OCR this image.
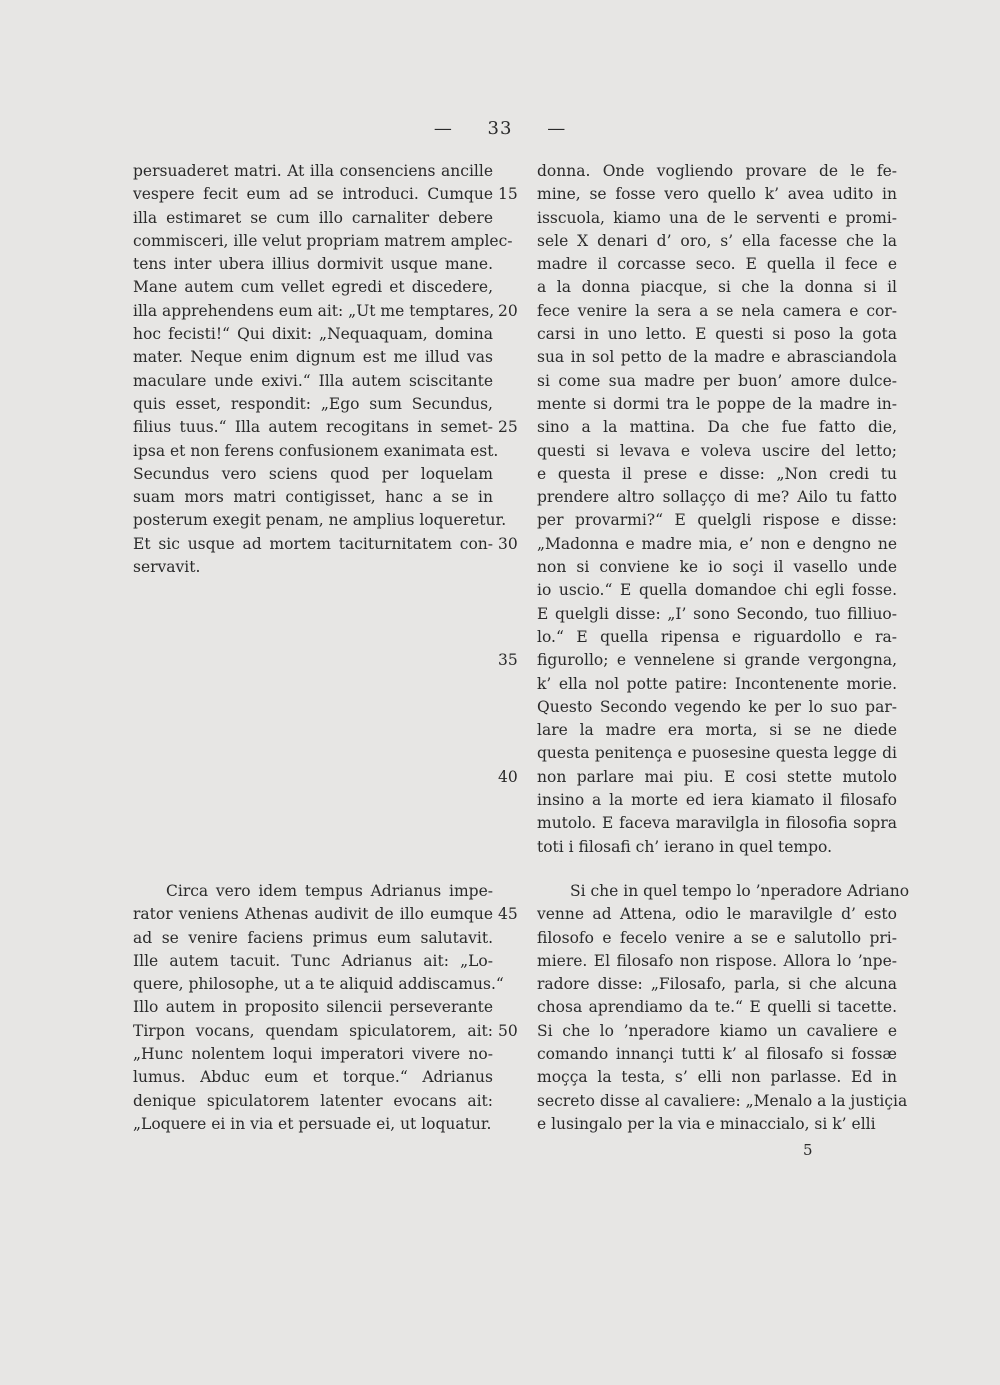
— 33 —
persuaderet matri. At illa consenciens ancille
vespere fecit eum ad se introduci. Cumque
illa estimaret se cum illo carnaliter debere
commisceri, ille velut propriam matrem amplec-
tens inter ubera illius dormivit usque mane.
Mane autem cum vellet egredi et discedere,
illa apprehendens eum ait: „Ut me temptares,
hoc fecisti!“ Qui dixit: „Nequaquam, domina
mater. Neque enim dignum est me illud vas
maculare unde exivi.“ Illa autem sciscitante
quis esset, respondit: „Ego sum Secundus,
filius tuus.“ Illa autem recogitans in semet-
ipsa et non ferens confusionem exanimata est.
Secundus vero sciens quod per loquelam
suam mors matri contigisset, hanc a se in
posterum exegit penam, ne amplius loqueretur.
Et sic usque ad mortem taciturnitatem con-
servavit.
Circa vero idem tempus Adrianus impe-
rator veniens Athenas audivit de illo eumque
ad se venire faciens primus eum salutavit.
Ille autem tacuit. Tunc Adrianus ait: „Lo-
quere, philosophe, ut a te aliquid addiscamus.“
Illo autem in proposito silencii perseverante
Tirpon vocans, quendam spiculatorem, ait:
„Hunc nolentem loqui imperatori vivere no-
lumus. Abduc eum et torque.“ Adrianus
denique spiculatorem latenter evocans ait:
„Loquere ei in via et persuade ei, ut loquatur.
donna. Onde vogliendo provare de le fe-
mine, se fosse vero quello k’ avea udito in
isscuola, kiamo una de le serventi e promi-
sele X denari d’ oro, s’ ella facesse che la
madre il corcasse seco. E quella il fece e
a la donna piacque, si che la donna si il
fece venire la sera a se nela camera e cor-
carsi in uno letto. E questi si poso la gota
sua in sol petto de la madre e abrasciandola
si come sua madre per buon’ amore dulce-
mente si dormi tra le poppe de la madre in-
sino a la mattina. Da che fue fatto die,
questi si levava e voleva uscire del letto;
e questa il prese e disse: „Non credi tu
prendere altro sollaçço di me? Ailo tu fatto
per provarmi?“ E quelgli rispose e disse:
„Madonna e madre mia, e’ non e dengno ne
non si conviene ke io soçi il vasello unde
io uscio.“ E quella domandoe chi egli fosse.
E quelgli disse: „I’ sono Secondo, tuo filliuo-
lo.“ E quella ripensa e riguardollo e ra-
figurollo; e vennelene si grande vergongna,
k’ ella nol potte patire: Incontenente morie.
Questo Secondo vegendo ke per lo suo par-
lare la madre era morta, si se ne diede
questa penitença e puosesine questa legge di
non parlare mai piu. E cosi stette mutolo
insino a la morte ed iera kiamato il filosafo
mutolo. E faceva maravilgla in filosofia sopra
toti i filosafi ch’ ierano in quel tempo.
Si che in quel tempo lo ’nperadore Adriano
venne ad Attena, odio le maravilgle d’ esto
filosofo e fecelo venire a se e salutollo pri-
miere. El filosafo non rispose. Allora lo ’npe-
radore disse: „Filosafo, parla, si che alcuna
chosa aprendiamo da te.“ E quelli si tacette.
Si che lo ’nperadore kiamo un cavaliere e
comando innançi tutti k’ al filosafo si fossæ
moçça la testa, s’ elli non parlasse. Ed in
secreto disse al cavaliere: „Menalo a la justiçia
e lusingalo per la via e minaccialo, si k’ elli
15
20
25
30
35
40
45
50
5
